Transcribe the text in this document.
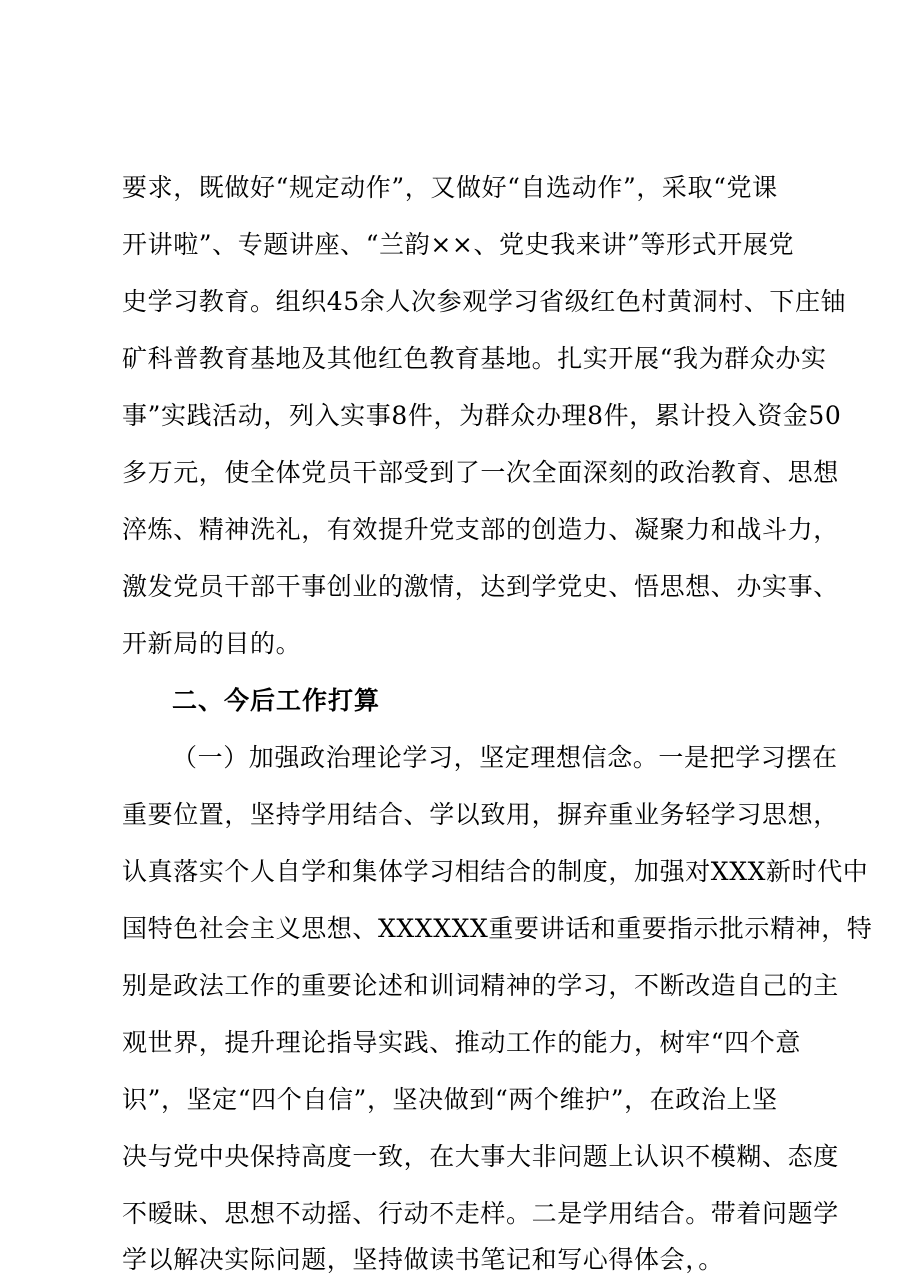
要求，既做好“规定动作”，又做好“自选动作”，采取“党课
开讲啦”、专题讲座、“兰韵××、党史我来讲”等形式开展党
史学习教育。组织45余人次参观学习省级红色村黄洞村、下庄铀
矿科普教育基地及其他红色教育基地。扎实开展“我为群众办实
事”实践活动，列入实事8件，为群众办理8件，累计投入资金50
多万元，使全体党员干部受到了一次全面深刻的政治教育、思想
淬炼、精神洗礼，有效提升党支部的创造力、凝聚力和战斗力，
激发党员干部干事创业的激情，达到学党史、悟思想、办实事、
开新局的目的。
二、今后工作打算
（一）加强政治理论学习，坚定理想信念。一是把学习摆在
重要位置，坚持学用结合、学以致用，摒弃重业务轻学习思想，
认真落实个人自学和集体学习相结合的制度，加强对XXX新时代中
国特色社会主义思想、XXXXXX重要讲话和重要指示批示精神，特
别是政法工作的重要论述和训词精神的学习，不断改造自己的主
观世界，提升理论指导实践、推动工作的能力，树牢“四个意
识”，坚定“四个自信”，坚决做到“两个维护”，在政治上坚
决与党中央保持高度一致，在大事大非问题上认识不模糊、态度
不暧昧、思想不动摇、行动不走样。二是学用结合。带着问题学
学以解决实际问题，坚持做读书笔记和写心得体会，。
